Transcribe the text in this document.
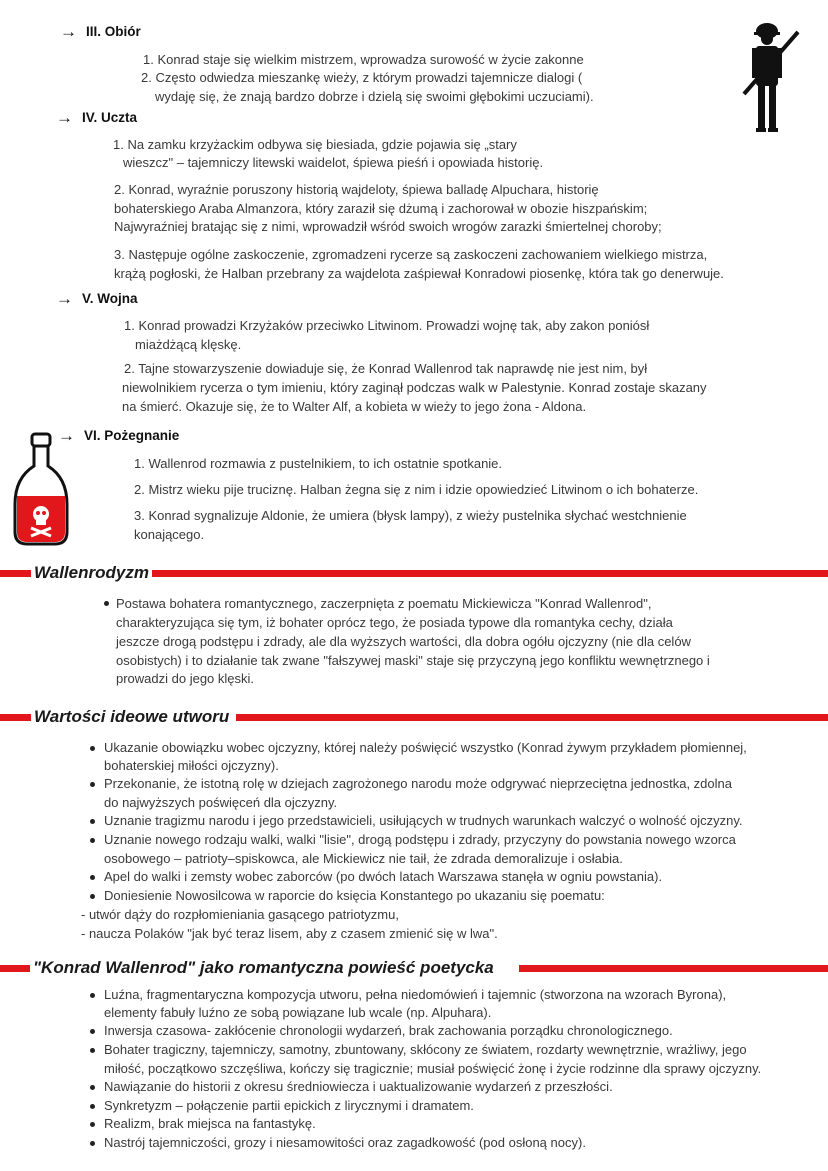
→ III. Obiór
1. Konrad staje się wielkim mistrzem, wprowadza surowość w życie zakonne
2. Często odwiedza mieszankę wieży, z którym prowadzi tajemnicze dialogi (
wydaję się, że znają bardzo dobrze i dzielą się swoimi głębokimi uczuciami).
→ IV. Uczta
1. Na zamku krzyżackim odbywa się biesiada, gdzie pojawia się „stary
wieszcz" – tajemniczy litewski waidelot, śpiewa pieśń i opowiada historię.
2. Konrad, wyraźnie poruszony historią wajdeloty, śpiewa balladę Alpuchara, historię
bohaterskiego Araba Almanzora, który zaraził się dżumą i zachorował w obozie hiszpańskim;
Najwyraźniej bratając się z nimi, wprowadził wśród swoich wrogów zarazki śmiertelnej choroby;
3. Następuje ogólne zaskoczenie, zgromadzeni rycerze są zaskoczeni zachowaniem wielkiego mistrza,
krążą pogłoski, że Halban przebrany za wajdelota zaśpiewał Konradowi piosenkę, która tak go denerwuje.
→ V. Wojna
1. Konrad prowadzi Krzyżaków przeciwko Litwinom. Prowadzi wojnę tak, aby zakon poniósł
miażdżącą klęskę.
2. Tajne stowarzyszenie dowiaduje się, że Konrad Wallenrod tak naprawdę nie jest nim, był
niewolnikiem rycerza o tym imieniu, który zaginął podczas walk w Palestynie. Konrad zostaje skazany
na śmierć. Okazuje się, że to Walter Alf, a kobieta w wieży to jego żona - Aldona.
→ VI. Pożegnanie
1. Wallenrod rozmawia z pustelnikiem, to ich ostatnie spotkanie.
2. Mistrz wieku pije truciznę. Halban żegna się z nim i idzie opowiedzieć Litwinom o ich bohaterze.
3. Konrad sygnalizuje Aldonie, że umiera (błysk lampy), z wieży pustelnika słychać westchnienie
konającego.
Wallenrodyzm
Postawa bohatera romantycznego, zaczerpnięta z poematu Mickiewicza "Konrad Wallenrod",
charakteryzująca się tym, iż bohater oprócz tego, że posiada typowe dla romantyka cechy, działa
jeszcze drogą podstępu i zdrady, ale dla wyższych wartości, dla dobra ogółu ojczyzny (nie dla celów
osobistych) i to działanie tak zwane "fałszywej maski" staje się przyczyną jego konfliktu wewnętrznego i
prowadzi do jego klęski.
Wartości ideowe utworu
Ukazanie obowiązku wobec ojczyzny, której należy poświęcić wszystko (Konrad żywym przykładem płomiennej,
bohaterskiej miłości ojczyzny).
Przekonanie, że istotną rolę w dziejach zagrożonego narodu może odgrywać nieprzeciętna jednostka, zdolna
do najwyższych poświęceń dla ojczyzny.
Uznanie tragizmu narodu i jego przedstawicieli, usiłujących w trudnych warunkach walczyć o wolność ojczyzny.
Uznanie nowego rodzaju walki, walki "lisie", drogą podstępu i zdrady, przyczyny do powstania nowego wzorca
osobowego – patrioty–spiskowca, ale Mickiewicz nie taił, że zdrada demoralizuje i osłabia.
Apel do walki i zemsty wobec zaborców (po dwóch latach Warszawa stanęła w ogniu powstania).
Doniesienie Nowosilcowa w raporcie do księcia Konstantego po ukazaniu się poematu:
- utwór dąży do rozpłomieniania gasącego patriotyzmu,
- naucza Polaków "jak być teraz lisem, aby z czasem zmienić się w lwa".
"Konrad Wallenrod" jako romantyczna powieść poetycka
Luźna, fragmentaryczna kompozycja utworu, pełna niedomówień i tajemnic (stworzona na wzorach Byrona),
elementy fabuły luźno ze sobą powiązane lub wcale (np. Alpuhara).
Inwersja czasowa- zakłócenie chronologii wydarzeń, brak zachowania porządku chronologicznego.
Bohater tragiczny, tajemniczy, samotny, zbuntowany, skłócony ze światem, rozdarty wewnętrznie, wrażliwy, jego
miłość, początkowo szczęśliwa, kończy się tragicznie; musiał poświęcić żonę i życie rodzinne dla sprawy ojczyzny.
Nawiązanie do historii z okresu średniowiecza i uaktualizowanie wydarzeń z przeszłości.
Synkretyzm – połączenie partii epickich z lirycznymi i dramatem.
Realizm, brak miejsca na fantastykę.
Nastrój tajemniczości, grozy i niesamowitości oraz zagadkowość (pod osłoną nocy).
